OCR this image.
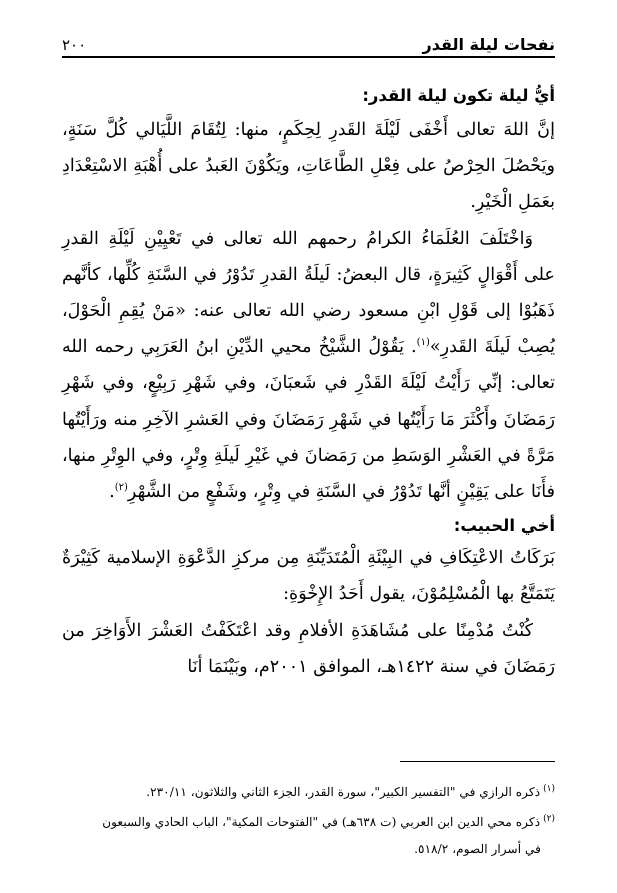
نفحات ليلة القدر
٢٠٠

أيُّ ليلة تكون ليلة القدر:

إنَّ اللهَ تعالى أَخْفَى لَيْلَةَ القَدرِ لِحِكَمٍ، منها: لِتُقَامَ اللَّيَالي كُلَّ سَنَةٍ، ويَحْصُلَ الحِرْصُ على فِعْلِ الطَّاعَاتِ، ويَكُوْنَ العَبدُ على أُهْبَةِ الاسْتِعْدَادِ بعَمَلِ الْخَيْرِ.

وَاخْتَلَفَ العُلَمَاءُ الكرامُ رحمهم الله تعالى في تَعْيِيْنِ لَيْلَةِ القدرِ على أَقْوَالٍ كَثِيرَةٍ، قال البعضُ: لَيلَةُ القدرِ تَدُوْرُ في السَّنَةِ كُلِّها، كأنَّهم ذَهَبُوْا إلى قَوْلِ ابْنِ مسعود رضي الله تعالى عنه: «مَنْ يُقِمِ الْحَوْلَ، يُصِبْ لَيلَةَ القَدرِ»$^{(١)}$. يَقُوْلُ الشَّيْخُ محيي الدِّيْنِ ابنُ العَرَبِي رحمه الله تعالى: إنِّي رَأَيْتُ لَيْلَةَ القَدْرِ في شَعبَانَ، وفي شَهْرِ رَبِيْعٍ، وفي شَهْرِ رَمَضَانَ وأَكْثَرَ مَا رَأَيْتُها في شَهْرِ رَمَضَانَ وفي العَشرِ الآخِرِ منه ورَأَيْتُها مَرَّةً في العَشْرِ الوَسَطِ من رَمَضانَ في غَيْرِ لَيلَةِ وِتْرٍ، وفي الوِتْرِ منها، فأَنَا على يَقِيْنٍ أنَّها تَدُوْرُ في السَّنَةِ في وِتْرٍ، وشَفْعٍ من الشَّهْرِ$^{(٢)}$.

أخي الحبيب:

بَرَكَاتُ الاعْتِكَافِ في البِيْئَةِ الْمُتَدَيِّنَةِ مِن مركزِ الدَّعْوَةِ الإسلامية كَثِيْرَةٌ يَتَمَتَّعُ بها الْمُسْلِمُوْنَ، يقول أَحَدُ الإِخْوَةِ:

كُنْتُ مُدْمِنًا على مُشَاهَدَةِ الأفلامِ وقد اعْتَكَفْتُ العَشْرَ الأَوَاخِرَ من رَمَضَانَ في سنة ١٤٢٢هـ، الموافق ٢٠٠١م، وبَيْنَمَا أنَا

$^{(١)}$ذكره الرازي في "التفسير الكبير"، سورة القدر، الجزء الثاني والثلاثون، ٢٣٠/١١.

$^{(٢)}$ذكره محي الدين ابن العربي (ت ٦٣٨هـ) في "الفتوحات المكية"، الباب الحادي والسبعون

في أسرار الصوم، ٥١٨/٢.
